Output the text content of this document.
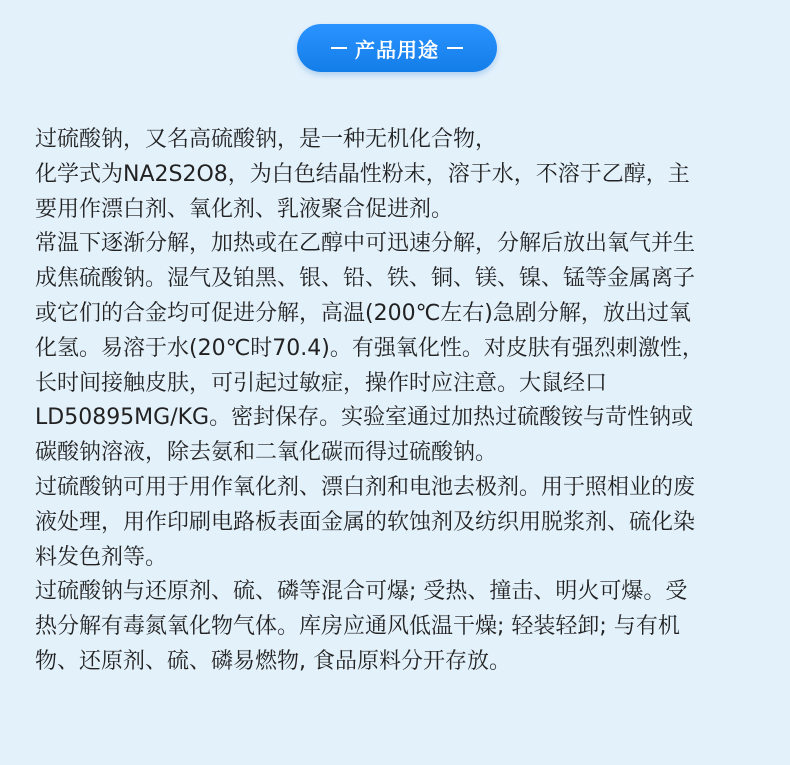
产品用途
过硫酸钠，又名高硫酸钠，是一种无机化合物，
化学式为NA2S2O8，为白色结晶性粉末，溶于水，不溶于乙醇，主
要用作漂白剂、氧化剂、乳液聚合促进剂。
常温下逐渐分解，加热或在乙醇中可迅速分解，分解后放出氧气并生
成焦硫酸钠。湿气及铂黑、银、铅、铁、铜、镁、镍、锰等金属离子
或它们的合金均可促进分解，高温(200℃左右)急剧分解，放出过氧
化氢。易溶于水(20℃时70.4)。有强氧化性。对皮肤有强烈刺激性，
长时间接触皮肤，可引起过敏症，操作时应注意。大鼠经口
LD50895MG/KG。密封保存。实验室通过加热过硫酸铵与苛性钠或
碳酸钠溶液，除去氨和二氧化碳而得过硫酸钠。
过硫酸钠可用于用作氧化剂、漂白剂和电池去极剂。用于照相业的废
液处理，用作印刷电路板表面金属的软蚀剂及纺织用脱浆剂、硫化染
料发色剂等。
过硫酸钠与还原剂、硫、磷等混合可爆; 受热、撞击、明火可爆。受
热分解有毒氮氧化物气体。库房应通风低温干燥; 轻装轻卸; 与有机
物、还原剂、硫、磷易燃物, 食品原料分开存放。
